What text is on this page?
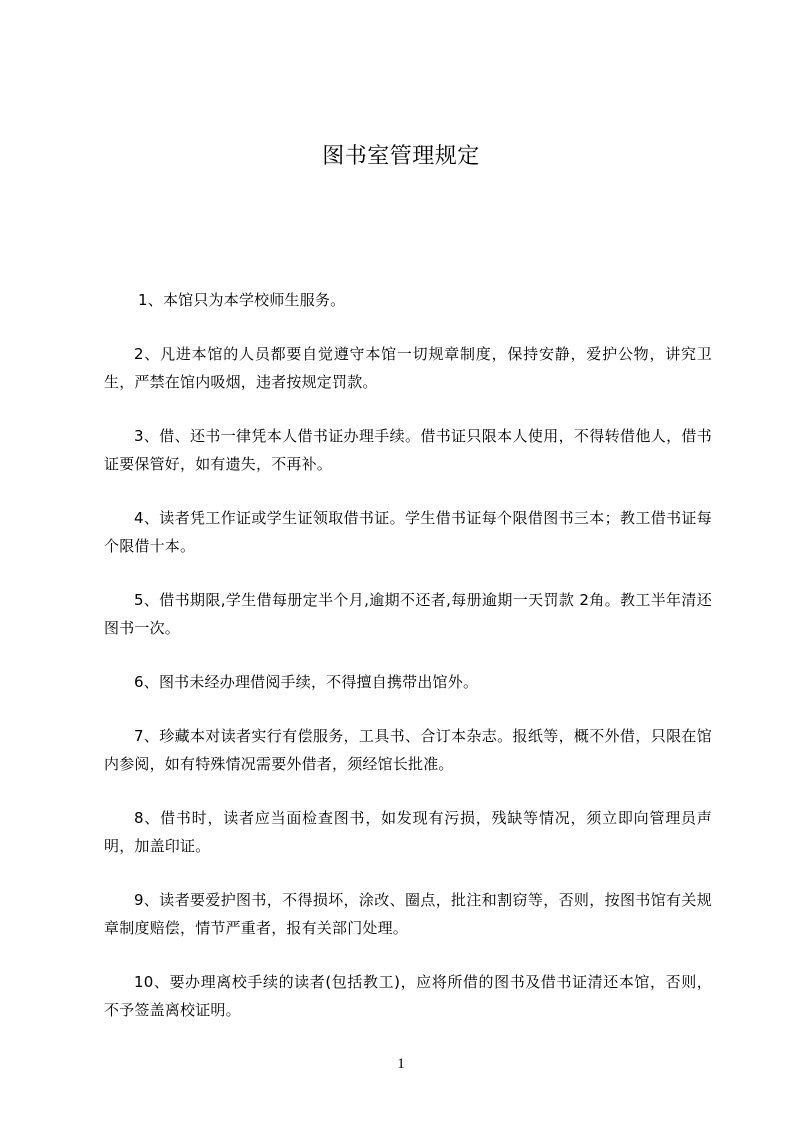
图书室管理规定

1、本馆只为本学校师生服务。

2、凡进本馆的人员都要自觉遵守本馆一切规章制度，保持安静，爱护公物，讲究卫生，严禁在馆内吸烟，违者按规定罚款。

3、借、还书一律凭本人借书证办理手续。借书证只限本人使用，不得转借他人，借书证要保管好，如有遗失，不再补。

4、读者凭工作证或学生证领取借书证。学生借书证每个限借图书三本；教工借书证每个限借十本。

5、借书期限,学生借每册定半个月,逾期不还者,每册逾期一天罚款 2角。教工半年清还图书一次。

6、图书未经办理借阅手续，不得擅自携带出馆外。

7、珍藏本对读者实行有偿服务，工具书、合订本杂志。报纸等，概不外借，只限在馆内参阅，如有特殊情况需要外借者，须经馆长批准。

8、借书时，读者应当面检查图书，如发现有污损，残缺等情况，须立即向管理员声明，加盖印证。

9、读者要爱护图书，不得损坏，涂改、圈点，批注和割窃等，否则，按图书馆有关规章制度赔偿，情节严重者，报有关部门处理。

10、要办理离校手续的读者(包括教工)，应将所借的图书及借书证清还本馆，否则，不予签盖离校证明。

1
